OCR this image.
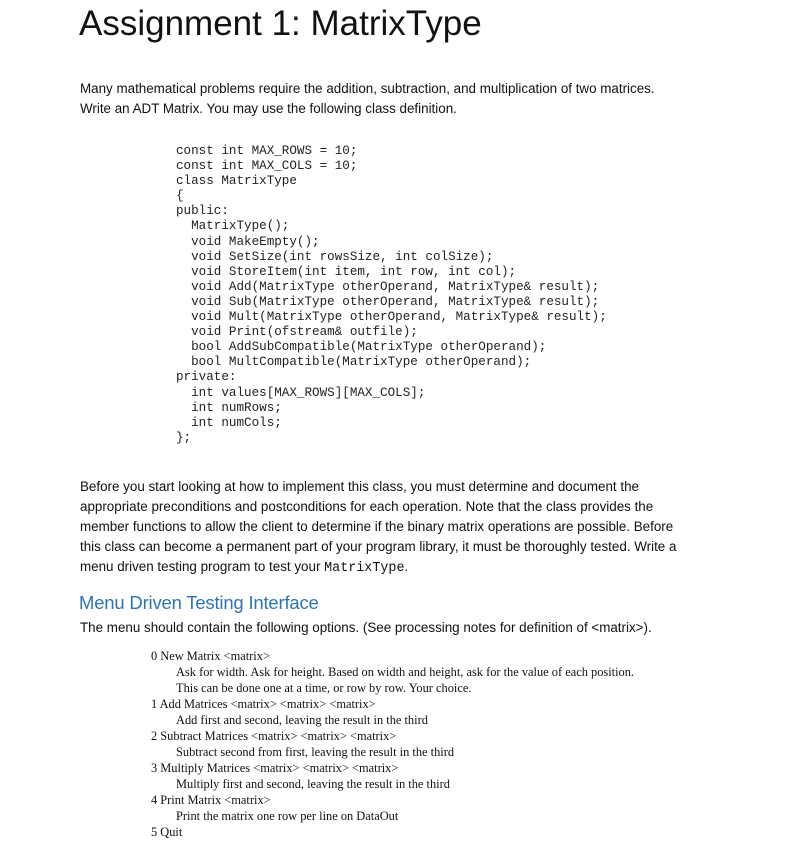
Assignment 1: MatrixType

Many mathematical problems require the addition, subtraction, and multiplication of two matrices.
Write an ADT Matrix. You may use the following class definition.

const int MAX_ROWS = 10;
const int MAX_COLS = 10;
class MatrixType
{
public:
MatrixType();
void MakeEmpty();
void SetSize(int rowsSize, int colSize);
void StoreItem(int item, int row, int col);
void Add(MatrixType otherOperand, MatrixType& result);
void Sub(MatrixType otherOperand, MatrixType& result);
void Mult(MatrixType otherOperand, MatrixType& result);
void Print(ofstream& outfile);
bool AddSubCompatible(MatrixType otherOperand);
bool MultCompatible(MatrixType otherOperand);
private:
int values[MAX_ROWS][MAX_COLS];
int numRows;
int numCols;
};

Before you start looking at how to implement this class, you must determine and document the
appropriate preconditions and postconditions for each operation. Note that the class provides the
member functions to allow the client to determine if the binary matrix operations are possible. Before
this class can become a permanent part of your program library, it must be thoroughly tested. Write a
menu driven testing program to test your MatrixType.

Menu Driven Testing Interface

The menu should contain the following options. (See processing notes for definition of <matrix>).

0 New Matrix <matrix>
Ask for width. Ask for height. Based on width and height, ask for the value of each position.
This can be done one at a time, or row by row. Your choice.
1 Add Matrices <matrix> <matrix> <matrix>
Add first and second, leaving the result in the third
2 Subtract Matrices <matrix> <matrix> <matrix>
Subtract second from first, leaving the result in the third
3 Multiply Matrices <matrix> <matrix> <matrix>
Multiply first and second, leaving the result in the third
4 Print Matrix <matrix>
Print the matrix one row per line on DataOut
5 Quit
